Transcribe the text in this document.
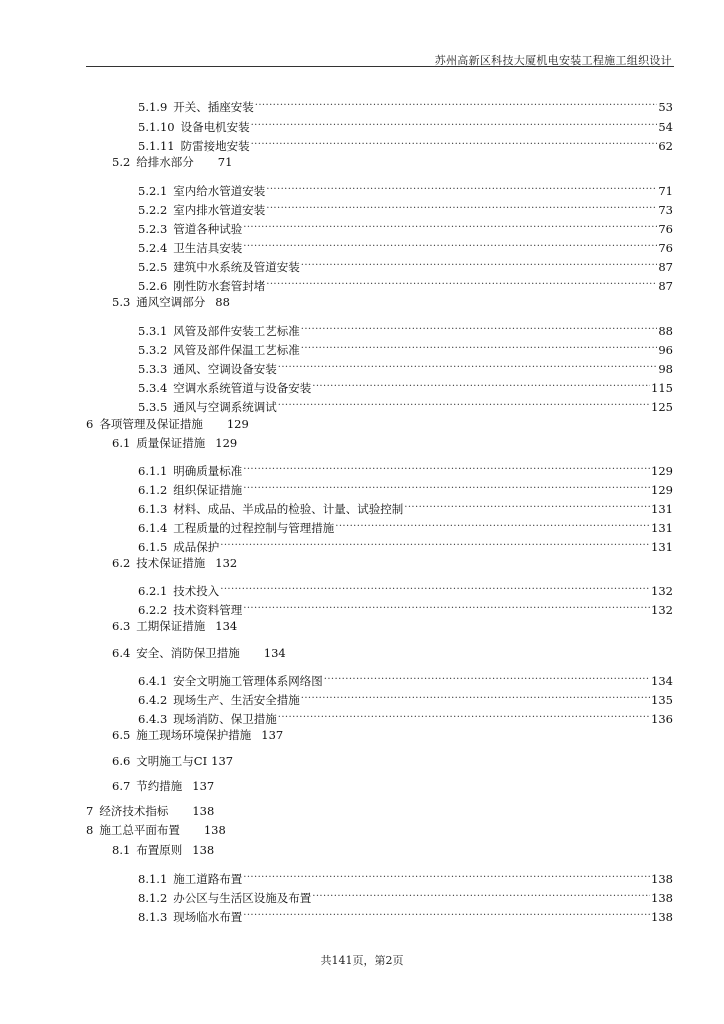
苏州高新区科技大厦机电安装工程施工组织设计
5.1.9 开关、插座安装 .....	53
5.1.10 设备电机安装 .....	54
5.1.11 防雷接地安装 .....	62
5.2 给排水部分 71
5.2.1 室内给水管道安装 .....	71
5.2.2 室内排水管道安装 .....	73
5.2.3 管道各种试验 .....	76
5.2.4 卫生洁具安装 .....	76
5.2.5 建筑中水系统及管道安装 .....	87
5.2.6 刚性防水套管封堵 .....	87
5.3 通风空调部分 88
5.3.1 风管及部件安装工艺标准 .....	88
5.3.2 风管及部件保温工艺标准 .....	96
5.3.3 通风、空调设备安装 .....	98
5.3.4 空调水系统管道与设备安装 .....	115
5.3.5 通风与空调系统调试 .....	125
6 各项管理及保证措施 129
6.1 质量保证措施 129
6.1.1 明确质量标准 .....	129
6.1.2 组织保证措施 .....	129
6.1.3 材料、成品、半成品的检验、计量、试验控制 .....	131
6.1.4 工程质量的过程控制与管理措施 .....	131
6.1.5 成品保护 .....	131
6.2 技术保证措施 132
6.2.1 技术投入 .....	132
6.2.2 技术资料管理 .....	132
6.3 工期保证措施 134
6.4 安全、消防保卫措施 134
6.4.1 安全文明施工管理体系网络图 .....	134
6.4.2 现场生产、生活安全措施 .....	135
6.4.3 现场消防、保卫措施 .....	136
6.5 施工现场环境保护措施 137
6.6 文明施工与CI 137
6.7 节约措施 137
7 经济技术指标 138
8 施工总平面布置 138
8.1 布置原则 138
8.1.1 施工道路布置 .....	138
8.1.2 办公区与生活区设施及布置 .....	138
8.1.3 现场临水布置 .....	138
共141页，第2页
